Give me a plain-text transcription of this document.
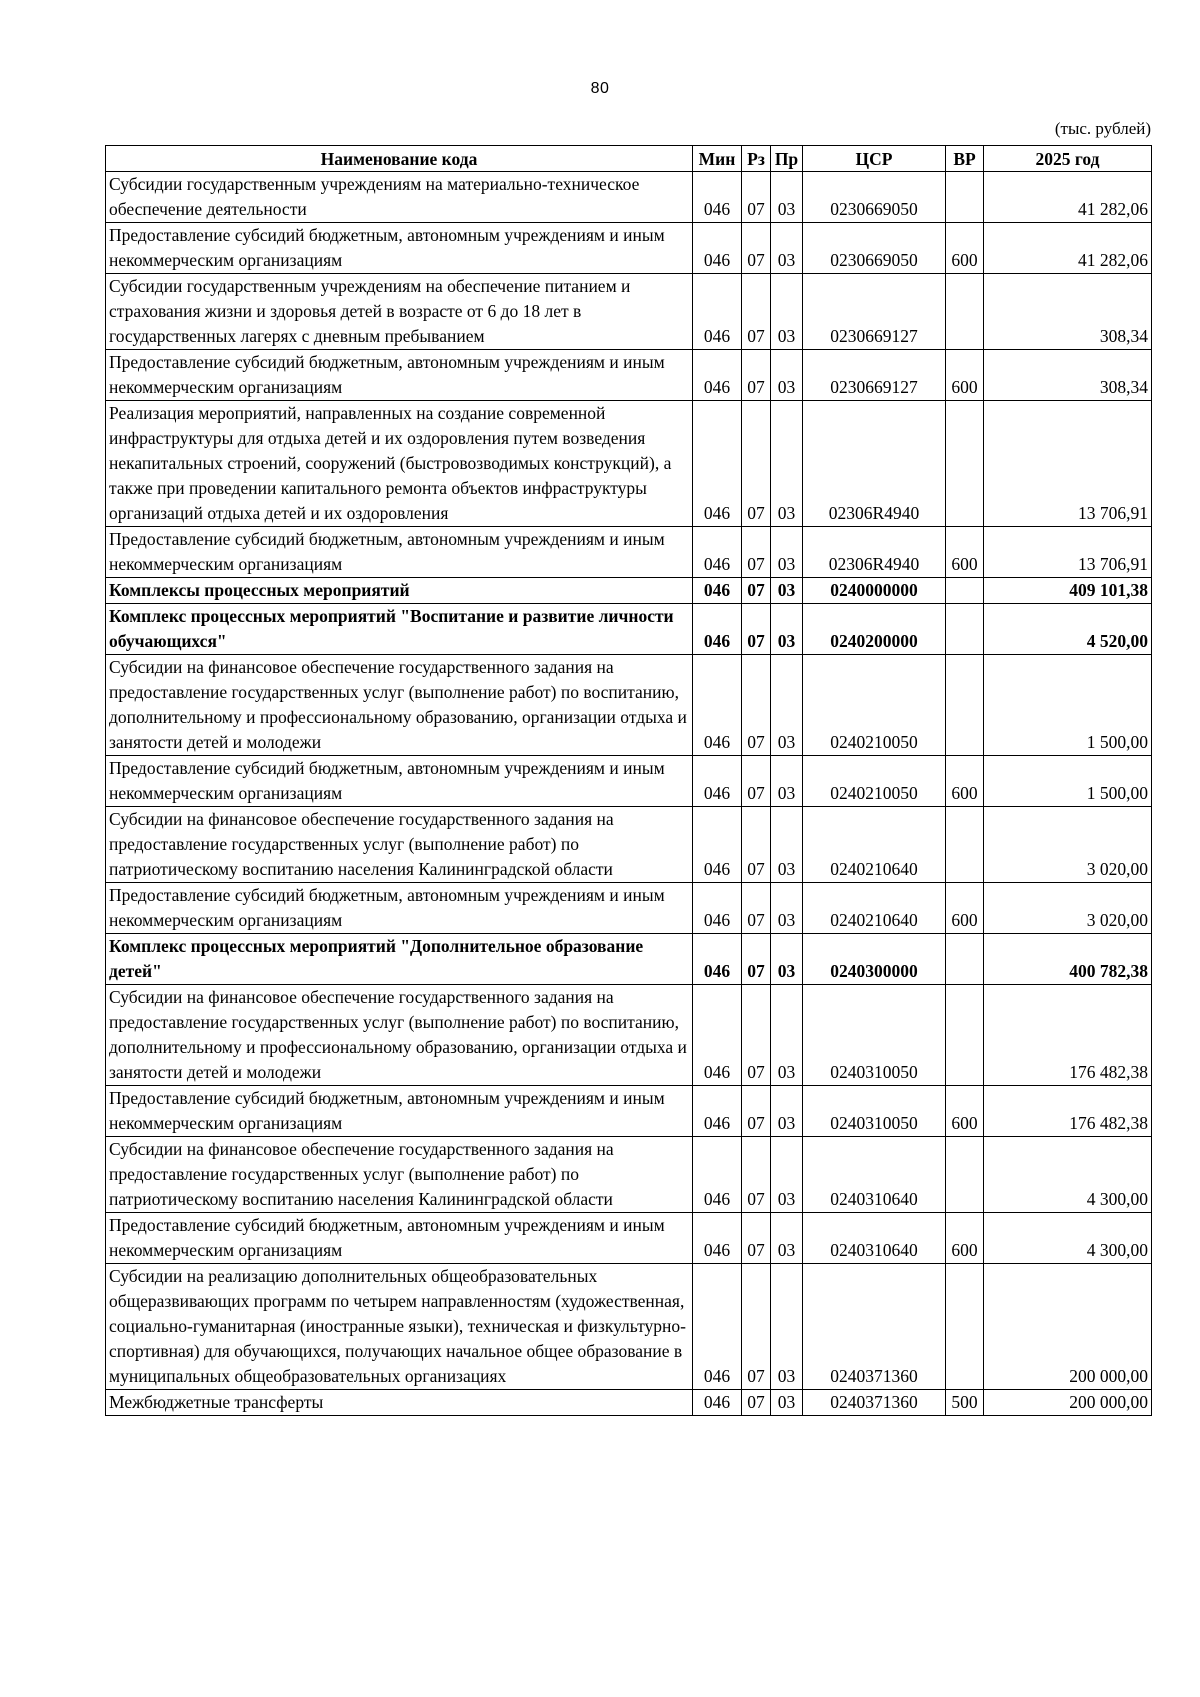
80
(тыс. рублей)
Наименование кода	Мин	Рз	Пр	ЦСР	ВР	2025 год
Субсидии государственным учреждениям на материально-техническое обеспечение деятельности	046	07	03	0230669050		41 282,06
Предоставление субсидий бюджетным, автономным учреждениям и иным некоммерческим организациям	046	07	03	0230669050	600	41 282,06
Субсидии государственным учреждениям на обеспечение питанием и страхования жизни и здоровья детей в возрасте от 6 до 18 лет в государственных лагерях с дневным пребыванием	046	07	03	0230669127		308,34
Предоставление субсидий бюджетным, автономным учреждениям и иным некоммерческим организациям	046	07	03	0230669127	600	308,34
Реализация мероприятий, направленных на создание современной инфраструктуры для отдыха детей и их оздоровления путем возведения некапитальных строений, сооружений (быстровозводимых конструкций), а также при проведении капитального ремонта объектов инфраструктуры организаций отдыха детей и их оздоровления	046	07	03	02306R4940		13 706,91
Предоставление субсидий бюджетным, автономным учреждениям и иным некоммерческим организациям	046	07	03	02306R4940	600	13 706,91
Комплексы процессных мероприятий	046	07	03	0240000000		409 101,38
Комплекс процессных мероприятий "Воспитание и развитие личности обучающихся"	046	07	03	0240200000		4 520,00
Субсидии на финансовое обеспечение государственного задания на предоставление государственных услуг (выполнение работ) по воспитанию, дополнительному и профессиональному образованию, организации отдыха и занятости детей и молодежи	046	07	03	0240210050		1 500,00
Предоставление субсидий бюджетным, автономным учреждениям и иным некоммерческим организациям	046	07	03	0240210050	600	1 500,00
Субсидии на финансовое обеспечение государственного задания на предоставление государственных услуг (выполнение работ) по патриотическому воспитанию населения Калининградской области	046	07	03	0240210640		3 020,00
Предоставление субсидий бюджетным, автономным учреждениям и иным некоммерческим организациям	046	07	03	0240210640	600	3 020,00
Комплекс процессных мероприятий "Дополнительное образование детей"	046	07	03	0240300000		400 782,38
Субсидии на финансовое обеспечение государственного задания на предоставление государственных услуг (выполнение работ) по воспитанию, дополнительному и профессиональному образованию, организации отдыха и занятости детей и молодежи	046	07	03	0240310050		176 482,38
Предоставление субсидий бюджетным, автономным учреждениям и иным некоммерческим организациям	046	07	03	0240310050	600	176 482,38
Субсидии на финансовое обеспечение государственного задания на предоставление государственных услуг (выполнение работ) по патриотическому воспитанию населения Калининградской области	046	07	03	0240310640		4 300,00
Предоставление субсидий бюджетным, автономным учреждениям и иным некоммерческим организациям	046	07	03	0240310640	600	4 300,00
Субсидии на реализацию дополнительных общеобразовательных общеразвивающих программ по четырем направленностям (художественная, социально-гуманитарная (иностранные языки), техническая и физкультурно-спортивная) для обучающихся, получающих начальное общее образование в муниципальных общеобразовательных организациях	046	07	03	0240371360		200 000,00
Межбюджетные трансферты	046	07	03	0240371360	500	200 000,00
